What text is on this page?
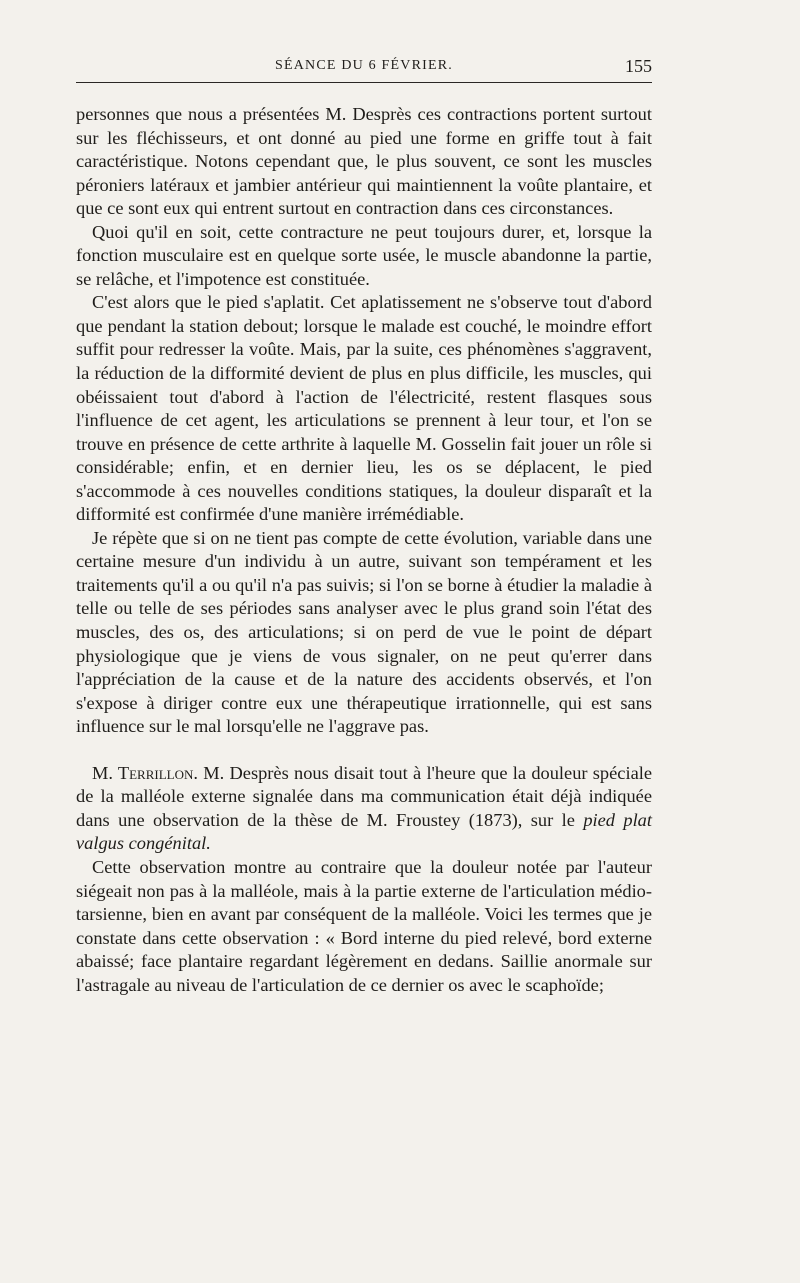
SÉANCE DU 6 FÉVRIER.	155

personnes que nous a présentées M. Desprès ces contractions portent surtout sur les fléchisseurs, et ont donné au pied une forme en griffe tout à fait caractéristique. Notons cependant que, le plus souvent, ce sont les muscles péroniers latéraux et jambier antérieur qui maintiennent la voûte plantaire, et que ce sont eux qui entrent surtout en contraction dans ces circonstances.

Quoi qu'il en soit, cette contracture ne peut toujours durer, et, lorsque la fonction musculaire est en quelque sorte usée, le muscle abandonne la partie, se relâche, et l'impotence est constituée.

C'est alors que le pied s'aplatit. Cet aplatissement ne s'observe tout d'abord que pendant la station debout; lorsque le malade est couché, le moindre effort suffit pour redresser la voûte. Mais, par la suite, ces phénomènes s'aggravent, la réduction de la difformité devient de plus en plus difficile, les muscles, qui obéissaient tout d'abord à l'action de l'électricité, restent flasques sous l'influence de cet agent, les articulations se prennent à leur tour, et l'on se trouve en présence de cette arthrite à laquelle M. Gosselin fait jouer un rôle si considérable; enfin, et en dernier lieu, les os se déplacent, le pied s'accommode à ces nouvelles conditions statiques, la douleur disparaît et la difformité est confirmée d'une manière irrémédiable.

Je répète que si on ne tient pas compte de cette évolution, variable dans une certaine mesure d'un individu à un autre, suivant son tempérament et les traitements qu'il a ou qu'il n'a pas suivis; si l'on se borne à étudier la maladie à telle ou telle de ses périodes sans analyser avec le plus grand soin l'état des muscles, des os, des articulations; si on perd de vue le point de départ physiologique que je viens de vous signaler, on ne peut qu'errer dans l'appréciation de la cause et de la nature des accidents observés, et l'on s'expose à diriger contre eux une thérapeutique irrationnelle, qui est sans influence sur le mal lorsqu'elle ne l'aggrave pas.

M. Terrillon. M. Desprès nous disait tout à l'heure que la douleur spéciale de la malléole externe signalée dans ma communication était déjà indiquée dans une observation de la thèse de M. Froustey (1873), sur le pied plat valgus congénital.

Cette observation montre au contraire que la douleur notée par l'auteur siégeait non pas à la malléole, mais à la partie externe de l'articulation médio-tarsienne, bien en avant par conséquent de la malléole. Voici les termes que je constate dans cette observation : « Bord interne du pied relevé, bord externe abaissé; face plantaire regardant légèrement en dedans. Saillie anormale sur l'astragale au niveau de l'articulation de ce dernier os avec le scaphoïde;
